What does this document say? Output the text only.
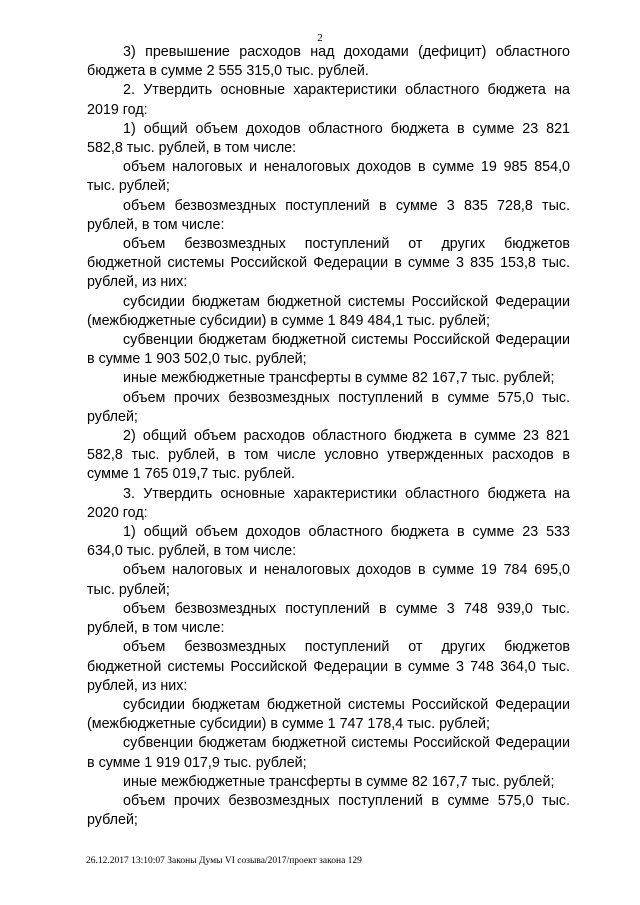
2

3) превышение расходов над доходами (дефицит) областного бюджета в сумме 2 555 315,0 тыс. рублей.

2. Утвердить основные характеристики областного бюджета на 2019 год:

1) общий объем доходов областного бюджета в сумме 23 821 582,8 тыс. рублей, в том числе:

объем налоговых и неналоговых доходов в сумме 19 985 854,0 тыс. рублей;

объем безвозмездных поступлений в сумме 3 835 728,8 тыс. рублей, в том числе:

объем безвозмездных поступлений от других бюджетов бюджетной системы Российской Федерации в сумме 3 835 153,8 тыс. рублей, из них:

субсидии бюджетам бюджетной системы Российской Федерации (межбюджетные субсидии) в сумме 1 849 484,1 тыс. рублей;

субвенции бюджетам бюджетной системы Российской Федерации в сумме 1 903 502,0 тыс. рублей;

иные межбюджетные трансферты в сумме 82 167,7 тыс. рублей;

объем прочих безвозмездных поступлений в сумме 575,0 тыс. рублей;

2) общий объем расходов областного бюджета в сумме 23 821 582,8 тыс. рублей, в том числе условно утвержденных расходов в сумме 1 765 019,7 тыс. рублей.

3. Утвердить основные характеристики областного бюджета на 2020 год:

1) общий объем доходов областного бюджета в сумме 23 533 634,0 тыс. рублей, в том числе:

объем налоговых и неналоговых доходов в сумме 19 784 695,0 тыс. рублей;

объем безвозмездных поступлений в сумме 3 748 939,0 тыс. рублей, в том числе:

объем безвозмездных поступлений от других бюджетов бюджетной системы Российской Федерации в сумме 3 748 364,0 тыс. рублей, из них:

субсидии бюджетам бюджетной системы Российской Федерации (межбюджетные субсидии) в сумме 1 747 178,4 тыс. рублей;

субвенции бюджетам бюджетной системы Российской Федерации в сумме 1 919 017,9 тыс. рублей;

иные межбюджетные трансферты в сумме 82 167,7 тыс. рублей;

объем прочих безвозмездных поступлений в сумме 575,0 тыс. рублей;

26.12.2017 13:10:07 Законы Думы VI созыва/2017/проект закона 129
